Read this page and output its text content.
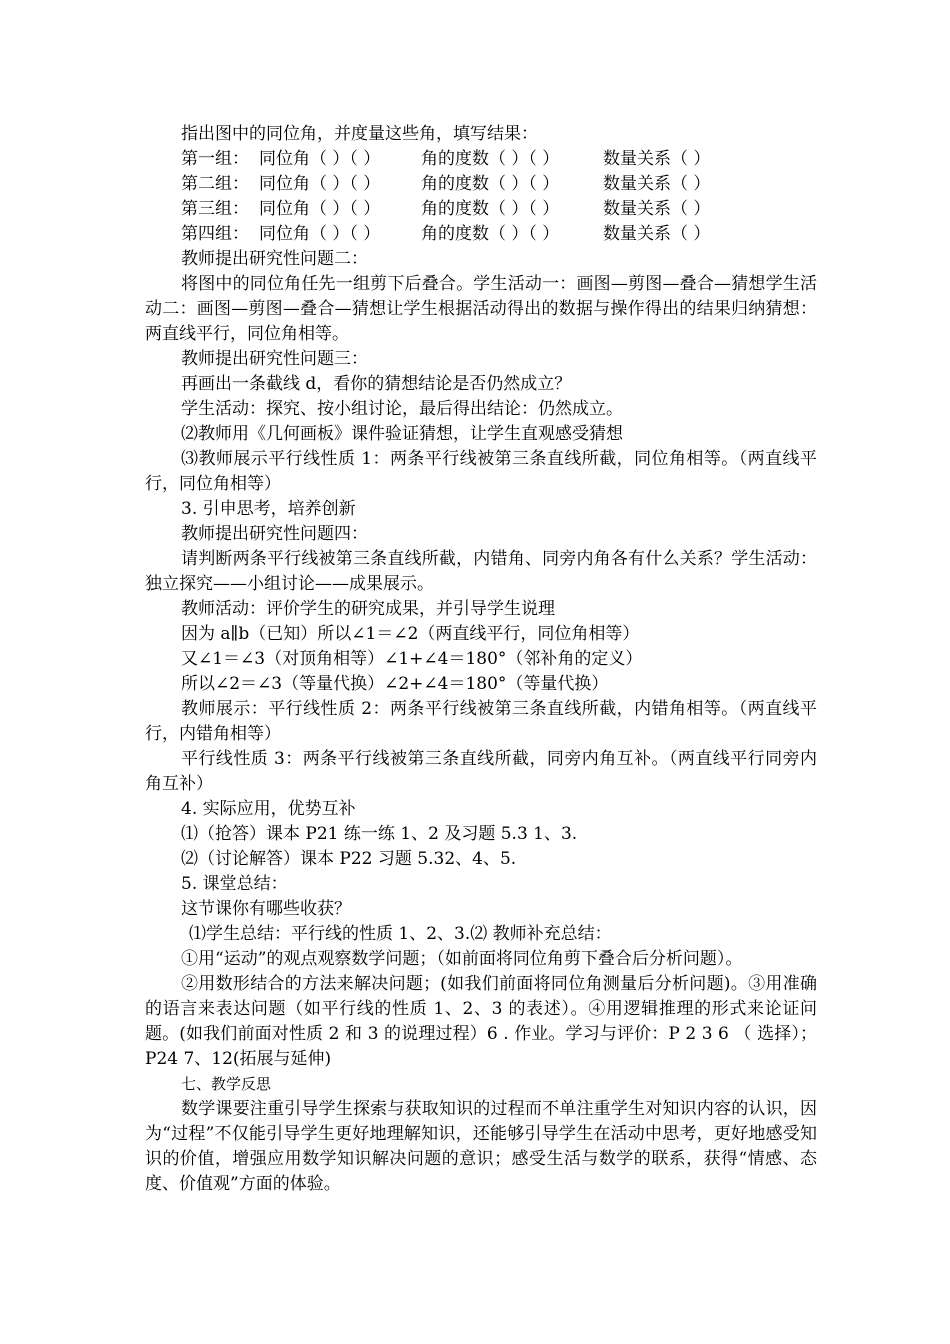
指出图中的同位角，并度量这些角，填写结果：
第一组： 同位角（ ）（ ） 角的度数（ ）（ ）	数量关系（ ）
第二组： 同位角（ ）（ ） 角的度数（ ）（ ）	数量关系（ ）
第三组： 同位角（ ）（ ） 角的度数（ ）（ ）	数量关系（ ）
第四组： 同位角（ ）（ ） 角的度数（ ）（ ）	数量关系（ ）
教师提出研究性问题二：
将图中的同位角任先一组剪下后叠合。学生活动一：画图—剪图—叠合—猜想学生活动二：画图—剪图—叠合—猜想让学生根据活动得出的数据与操作得出的结果归纳猜想：两直线平行，同位角相等。
教师提出研究性问题三：
再画出一条截线 d，看你的猜想结论是否仍然成立？
学生活动：探究、按小组讨论，最后得出结论：仍然成立。
⑵教师用《几何画板》课件验证猜想，让学生直观感受猜想
⑶教师展示平行线性质 1：两条平行线被第三条直线所截，同位角相等。（两直线平行，同位角相等）
3. 引申思考，培养创新
教师提出研究性问题四：
请判断两条平行线被第三条直线所截，内错角、同旁内角各有什么关系？学生活动：独立探究——小组讨论——成果展示。
教师活动：评价学生的研究成果，并引导学生说理
因为 a∥b（已知）所以∠1＝∠2（两直线平行，同位角相等）
又∠1＝∠3（对顶角相等）∠1+∠4＝180°（邻补角的定义）
所以∠2＝∠3（等量代换）∠2+∠4＝180°（等量代换）
教师展示：平行线性质 2：两条平行线被第三条直线所截，内错角相等。（两直线平行，内错角相等）
平行线性质 3：两条平行线被第三条直线所截，同旁内角互补。（两直线平行同旁内角互补）
4. 实际应用，优势互补
⑴（抢答）课本 P21 练一练 1、2 及习题 5.3 1、3.
⑵（讨论解答）课本 P22 习题 5.32、4、5.
5. 课堂总结：
这节课你有哪些收获？
⑴学生总结：平行线的性质 1、2、3.⑵ 教师补充总结：
①用“运动”的观点观察数学问题；（如前面将同位角剪下叠合后分析问题）。
②用数形结合的方法来解决问题；(如我们前面将同位角测量后分析问题)。③用准确的语言来表达问题（如平行线的性质 1、2、3 的表述）。④用逻辑推理的形式来论证问题。(如我们前面对性质 2 和 3 的说理过程）6 . 作业。学习与评价：P 2 3 6 （ 选择）；P24 7、12(拓展与延伸)
七、教学反思
数学课要注重引导学生探索与获取知识的过程而不单注重学生对知识内容的认识，因为“过程”不仅能引导学生更好地理解知识，还能够引导学生在活动中思考，更好地感受知识的价值，增强应用数学知识解决问题的意识；感受生活与数学的联系，获得“情感、态度、价值观”方面的体验。
